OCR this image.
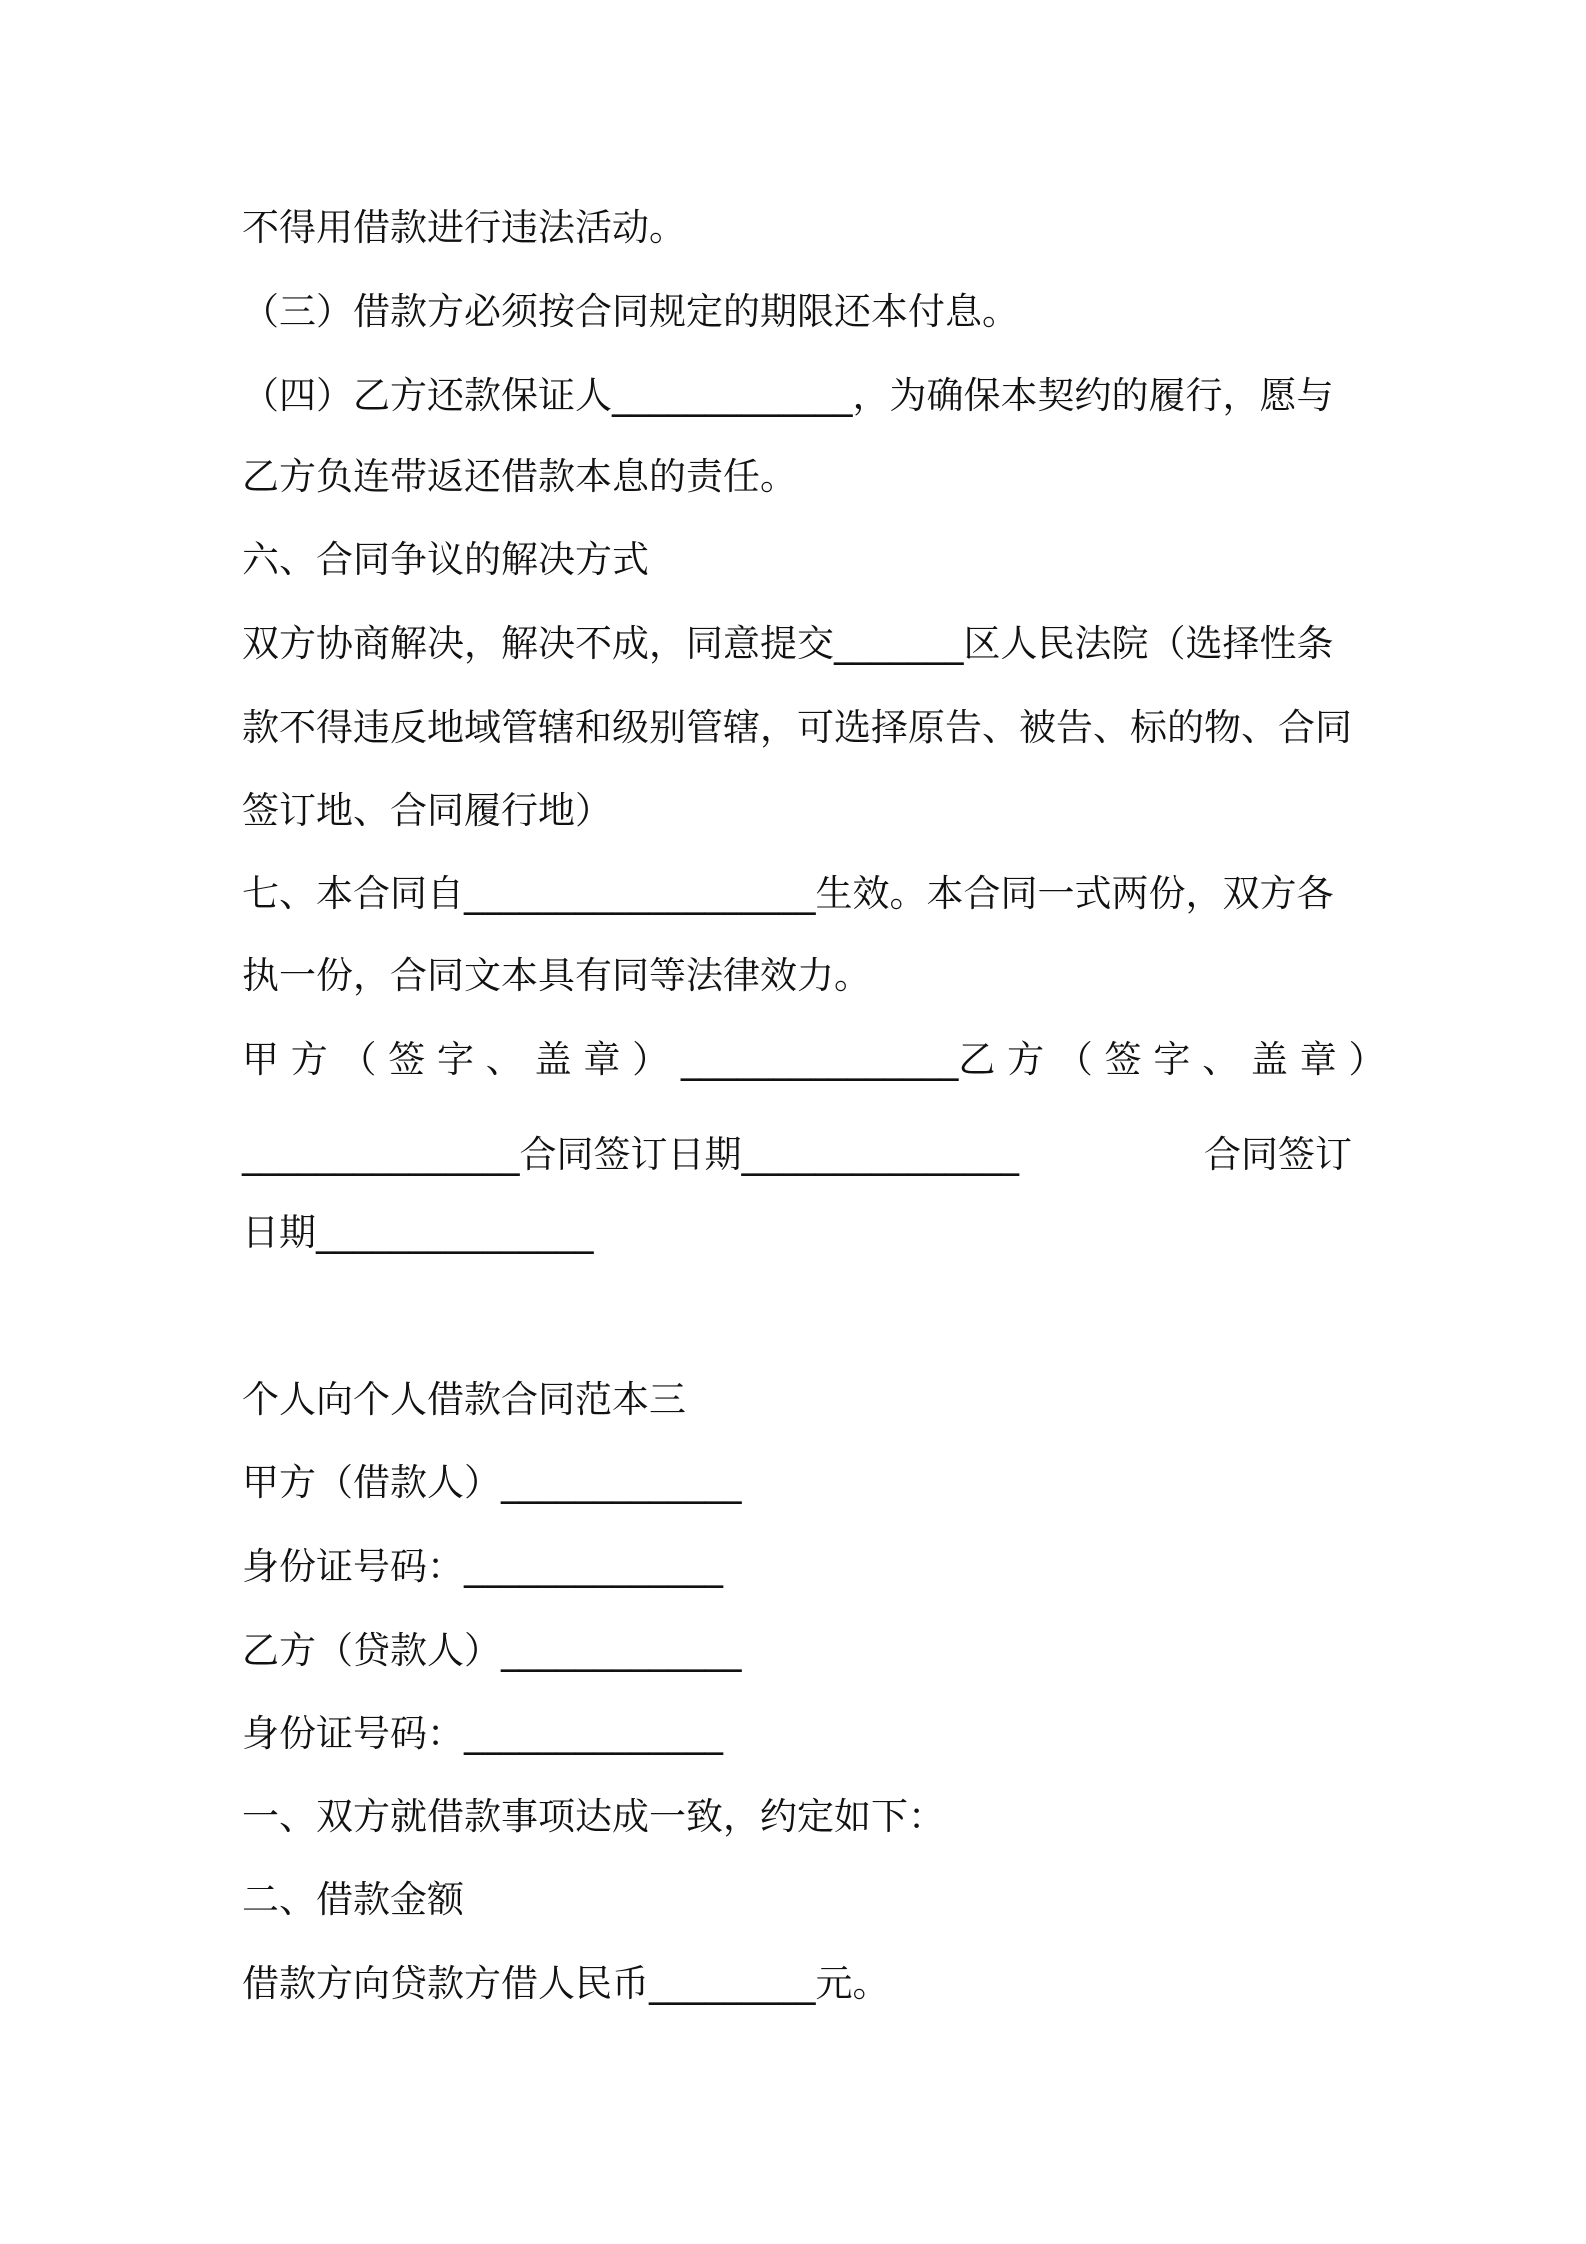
不得用借款进行违法活动。
（三）借款方必须按合同规定的期限还本付息。
（四）乙方还款保证人_____________，为确保本契约的履行，愿与
乙方负连带返还借款本息的责任。
六、合同争议的解决方式
双方协商解决，解决不成，同意提交_______区人民法院（选择性条
款不得违反地域管辖和级别管辖，可选择原告、被告、标的物、合同
签订地、合同履行地）
七、本合同自___________________生效。本合同一式两份，双方各
执一份，合同文本具有同等法律效力。
甲 方 （ 签 字 、 盖 章 ） _______________ 乙 方 （ 签 字 、 盖 章 ）
_______________合同签订日期_______________	合同签订
日期_______________
个人向个人借款合同范本三
甲方（借款人）_____________
身份证号码：______________
乙方（贷款人）_____________
身份证号码：______________
一、双方就借款事项达成一致，约定如下：
二、借款金额
借款方向贷款方借人民币_________元。
